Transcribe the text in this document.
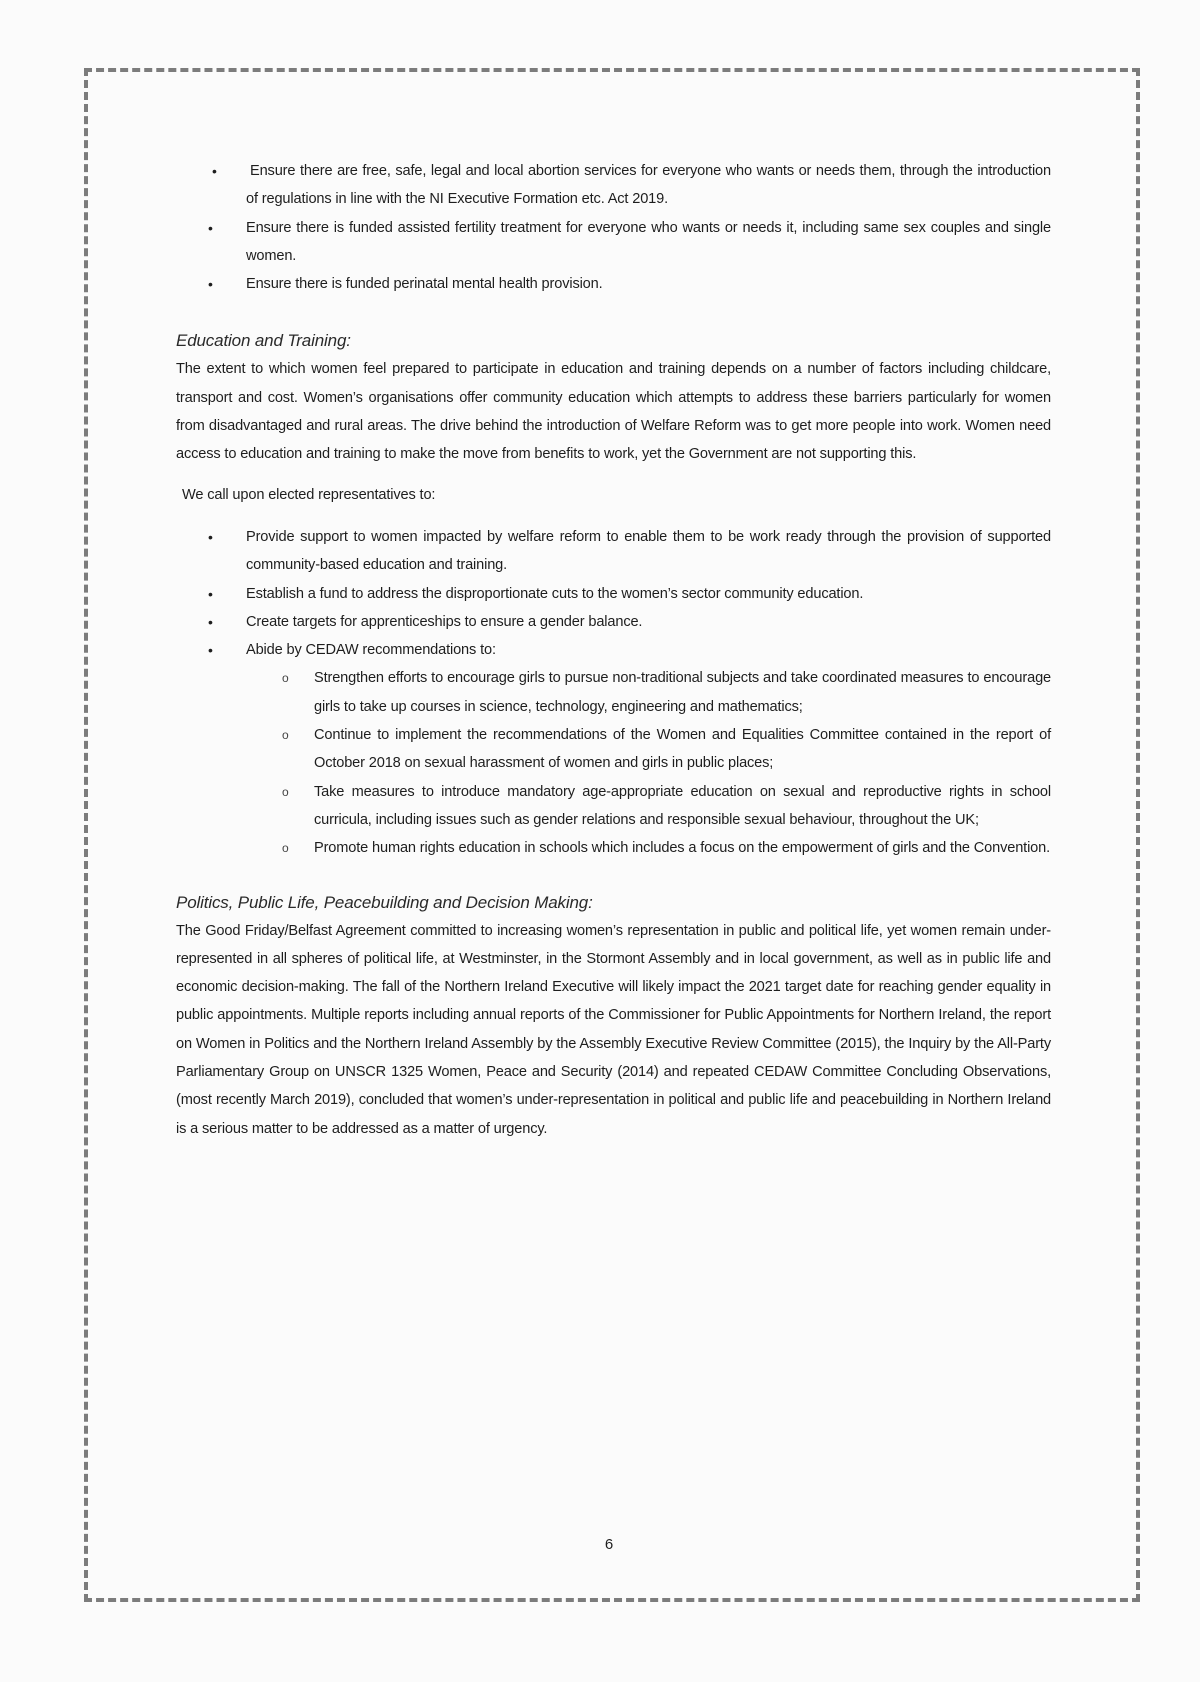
• Ensure there are free, safe, legal and local abortion services for everyone who wants or needs them, through the introduction of regulations in line with the NI Executive Formation etc. Act 2019.
• Ensure there is funded assisted fertility treatment for everyone who wants or needs it, including same sex couples and single women.
• Ensure there is funded perinatal mental health provision.
Education and Training:

The extent to which women feel prepared to participate in education and training depends on a number of factors including childcare, transport and cost. Women’s organisations offer community education which attempts to address these barriers particularly for women from disadvantaged and rural areas. The drive behind the introduction of Welfare Reform was to get more people into work. Women need access to education and training to make the move from benefits to work, yet the Government are not supporting this.

We call upon elected representatives to:

• Provide support to women impacted by welfare reform to enable them to be work ready through the provision of supported community-based education and training.
• Establish a fund to address the disproportionate cuts to the women’s sector community education.
• Create targets for apprenticeships to ensure a gender balance.
• Abide by CEDAW recommendations to:
o Strengthen efforts to encourage girls to pursue non-traditional subjects and take coordinated measures to encourage girls to take up courses in science, technology, engineering and mathematics;
o Continue to implement the recommendations of the Women and Equalities Committee contained in the report of October 2018 on sexual harassment of women and girls in public places;
o Take measures to introduce mandatory age-appropriate education on sexual and reproductive rights in school curricula, including issues such as gender relations and responsible sexual behaviour, throughout the UK;
o Promote human rights education in schools which includes a focus on the empowerment of girls and the Convention.
Politics, Public Life, Peacebuilding and Decision Making:

The Good Friday/Belfast Agreement committed to increasing women’s representation in public and political life, yet women remain under-represented in all spheres of political life, at Westminster, in the Stormont Assembly and in local government, as well as in public life and economic decision-making. The fall of the Northern Ireland Executive will likely impact the 2021 target date for reaching gender equality in public appointments. Multiple reports including annual reports of the Commissioner for Public Appointments for Northern Ireland, the report on Women in Politics and the Northern Ireland Assembly by the Assembly Executive Review Committee (2015), the Inquiry by the All-Party Parliamentary Group on UNSCR 1325 Women, Peace and Security (2014) and repeated CEDAW Committee Concluding Observations, (most recently March 2019), concluded that women’s under-representation in political and public life and peacebuilding in Northern Ireland is a serious matter to be addressed as a matter of urgency.

6
